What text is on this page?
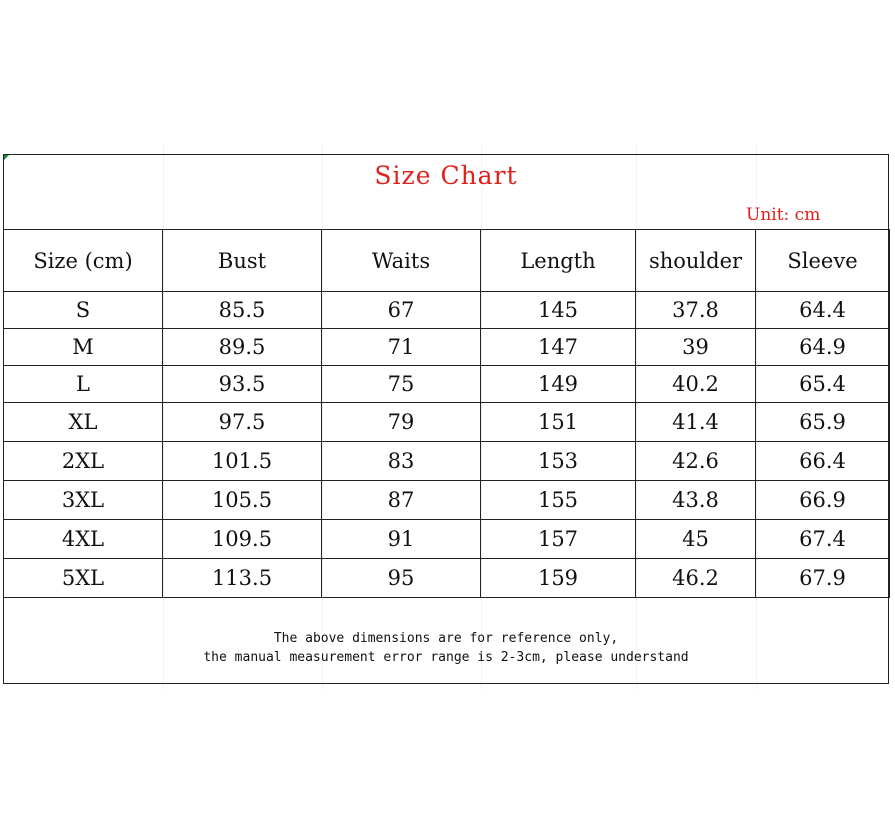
Size Chart
Unit: cm
Size (cm)	Bust	Waits	Length	shoulder	Sleeve
S	85.5	67	145	37.8	64.4
M	89.5	71	147	39	64.9
L	93.5	75	149	40.2	65.4
XL	97.5	79	151	41.4	65.9
2XL	101.5	83	153	42.6	66.4
3XL	105.5	87	155	43.8	66.9
4XL	109.5	91	157	45	67.4
5XL	113.5	95	159	46.2	67.9
The above dimensions are for reference only,
the manual measurement error range is 2-3cm, please understand
